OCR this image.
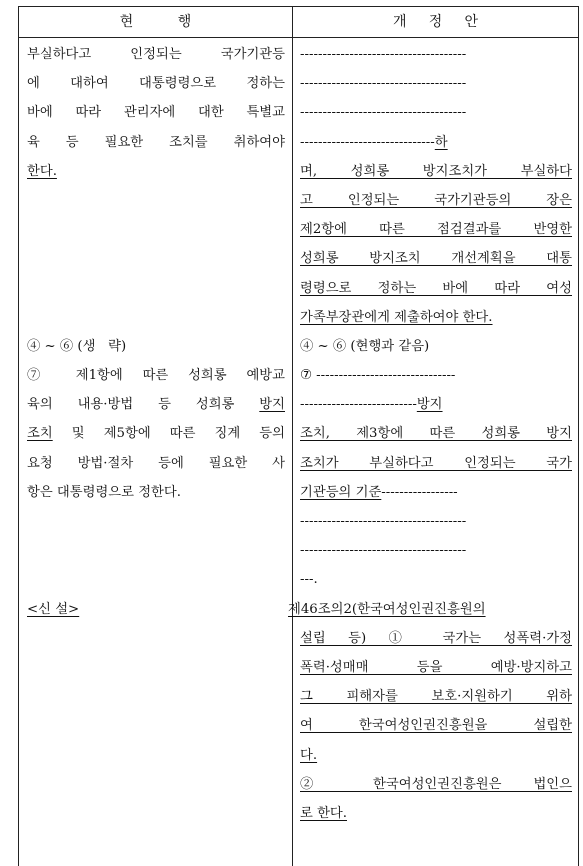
현          행	개     정     안
부실하다고 인정되는 국가기관등
에 대하여 대통령령으로 정하는
바에 따라 관리자에 대한 특별교
육 등 필요한 조치를 취하여야
한다.
④ ~ ⑥ (생   략)
⑦ 제1항에 따른 성희롱 예방교
육의 내용·방법 등 성희롱 방지
조치 및 제5항에 따른 징계 등의
요청 방법·절차 등에 필요한 사
항은 대통령령으로 정한다.
<신 설>
-------------------------------------
-------------------------------------
-------------------------------------
------------------------------하
며, 성희롱 방지조치가 부실하다
고 인정되는 국가기관등의 장은
제2항에 따른 점검결과를 반영한
성희롱 방지조치 개선계획을 대통
령령으로 정하는 바에 따라 여성
가족부장관에게 제출하여야 한다.
④ ~ ⑥ (현행과 같음)
⑦ -------------------------------
--------------------------방지
조치, 제3항에 따른 성희롱 방지
조치가 부실하다고 인정되는 국가
기관등의 기준-----------------
-------------------------------------
-------------------------------------
---.
제46조의2(한국여성인권진흥원의
설립 등) ① 국가는 성폭력·가정
폭력·성매매 등을 예방·방지하고
그 피해자를 보호·지원하기 위하
여 한국여성인권진흥원을 설립한
다.
② 한국여성인권진흥원은 법인으
로 한다.
